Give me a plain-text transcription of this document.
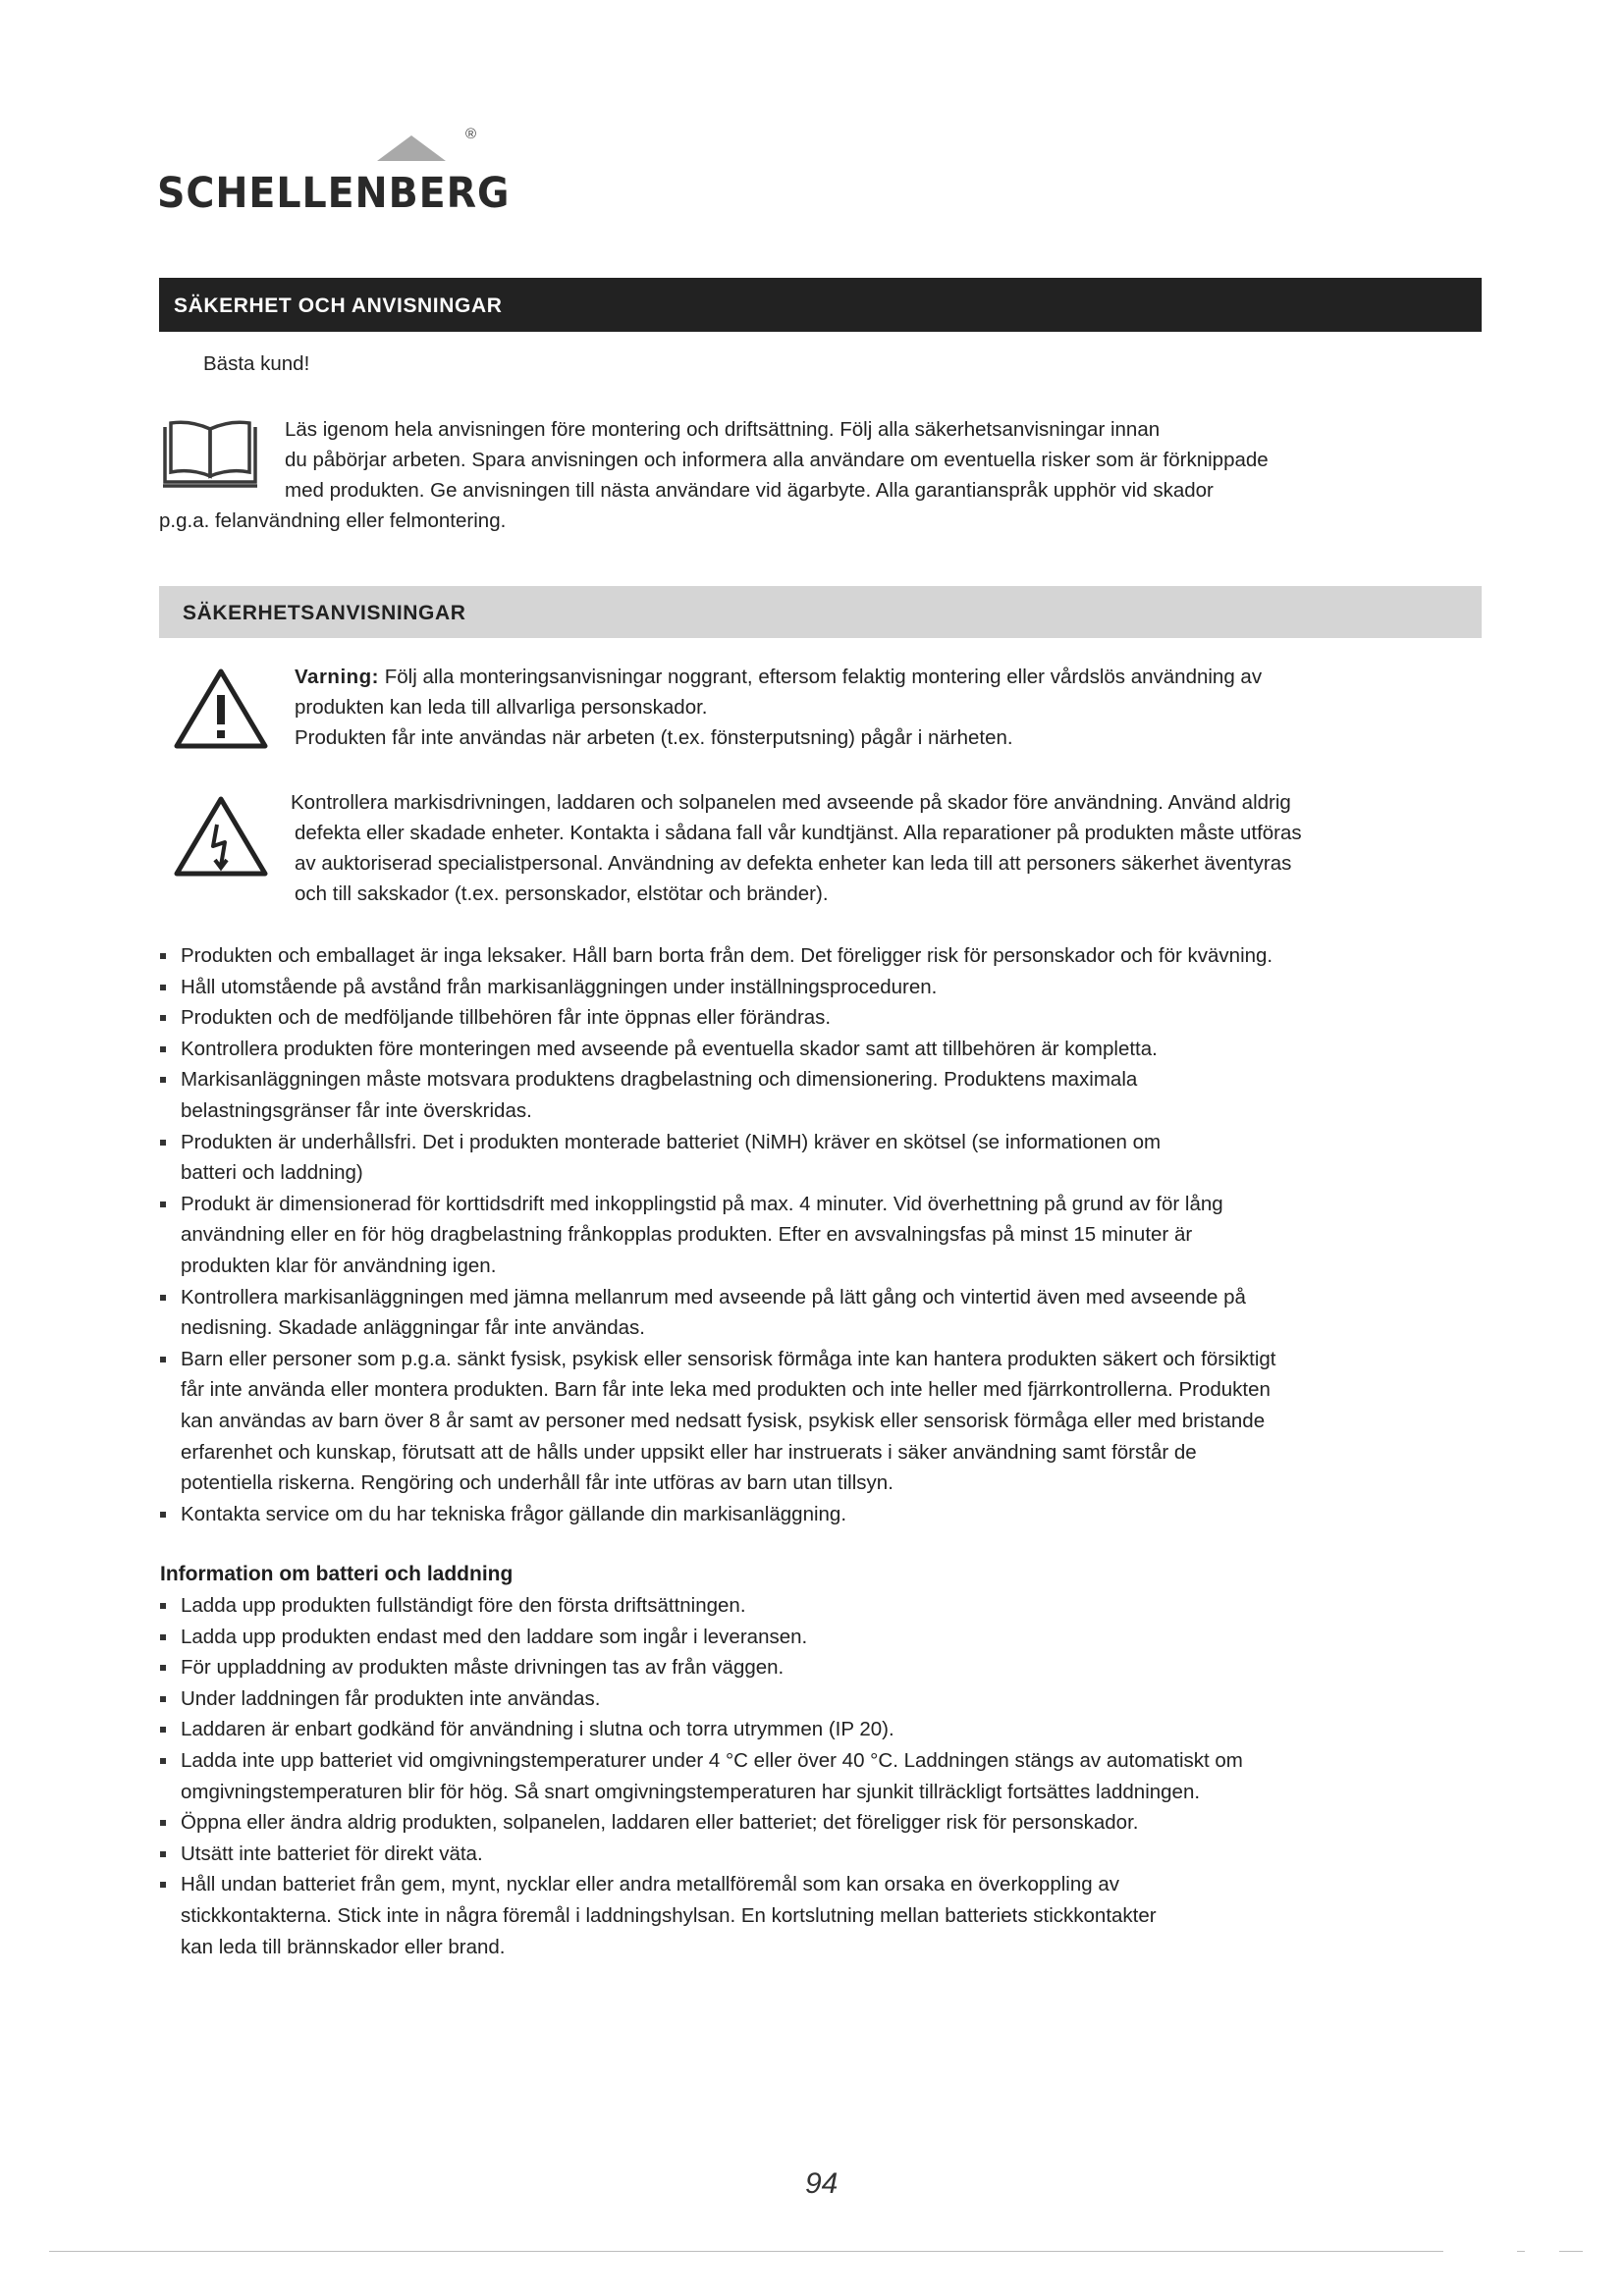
®
SCHELLENBERG
SÄKERHET OCH ANVISNINGAR
Bästa kund!
Läs igenom hela anvisningen före montering och driftsättning. Följ alla säkerhetsanvisningar innan
du påbörjar arbeten. Spara anvisningen och informera alla användare om eventuella risker som är förknippade
med produkten. Ge anvisningen till nästa användare vid ägarbyte. Alla garantianspråk upphör vid skador
p.g.a. felanvändning eller felmontering.
SÄKERHETSANVISNINGAR
Varning: Följ alla monteringsanvisningar noggrant, eftersom felaktig montering eller vårdslös användning av
produkten kan leda till allvarliga personskador.
Produkten får inte användas när arbeten (t.ex. fönsterputsning) pågår i närheten.
Kontrollera markisdrivningen, laddaren och solpanelen med avseende på skador före användning. Använd aldrig
defekta eller skadade enheter. Kontakta i sådana fall vår kundtjänst. Alla reparationer på produkten måste utföras
av auktoriserad specialistpersonal. Användning av defekta enheter kan leda till att personers säkerhet äventyras
och till sakskador (t.ex. personskador, elstötar och bränder).
Produkten och emballaget är inga leksaker. Håll barn borta från dem. Det föreligger risk för personskador och för kvävning.
Håll utomstående på avstånd från markisanläggningen under inställningsproceduren.
Produkten och de medföljande tillbehören får inte öppnas eller förändras.
Kontrollera produkten före monteringen med avseende på eventuella skador samt att tillbehören är kompletta.
Markisanläggningen måste motsvara produktens dragbelastning och dimensionering. Produktens maximala
belastningsgränser får inte överskridas.
Produkten är underhållsfri. Det i produkten monterade batteriet (NiMH) kräver en skötsel (se informationen om
batteri och laddning)
Produkt är dimensionerad för korttidsdrift med inkopplingstid på max. 4 minuter. Vid överhettning på grund av för lång
användning eller en för hög dragbelastning frånkopplas produkten. Efter en avsvalningsfas på minst 15 minuter är
produkten klar för användning igen.
Kontrollera markisanläggningen med jämna mellanrum med avseende på lätt gång och vintertid även med avseende på
nedisning. Skadade anläggningar får inte användas.
Barn eller personer som p.g.a. sänkt fysisk, psykisk eller sensorisk förmåga inte kan hantera produkten säkert och försiktigt
får inte använda eller montera produkten. Barn får inte leka med produkten och inte heller med fjärrkontrollerna. Produkten
kan användas av barn över 8 år samt av personer med nedsatt fysisk, psykisk eller sensorisk förmåga eller med bristande
erfarenhet och kunskap, förutsatt att de hålls under uppsikt eller har instruerats i säker användning samt förstår de
potentiella riskerna. Rengöring och underhåll får inte utföras av barn utan tillsyn.
Kontakta service om du har tekniska frågor gällande din markisanläggning.
Information om batteri och laddning
Ladda upp produkten fullständigt före den första driftsättningen.
Ladda upp produkten endast med den laddare som ingår i leveransen.
För uppladdning av produkten måste drivningen tas av från väggen.
Under laddningen får produkten inte användas.
Laddaren är enbart godkänd för användning i slutna och torra utrymmen (IP 20).
Ladda inte upp batteriet vid omgivningstemperaturer under 4 °C eller över 40 °C. Laddningen stängs av automatiskt om
omgivningstemperaturen blir för hög. Så snart omgivningstemperaturen har sjunkit tillräckligt fortsättes laddningen.
Öppna eller ändra aldrig produkten, solpanelen, laddaren eller batteriet; det föreligger risk för personskador.
Utsätt inte batteriet för direkt väta.
Håll undan batteriet från gem, mynt, nycklar eller andra metallföremål som kan orsaka en överkoppling av
stickkontakterna. Stick inte in några föremål i laddningshylsan. En kortslutning mellan batteriets stickkontakter
kan leda till brännskador eller brand.
94
